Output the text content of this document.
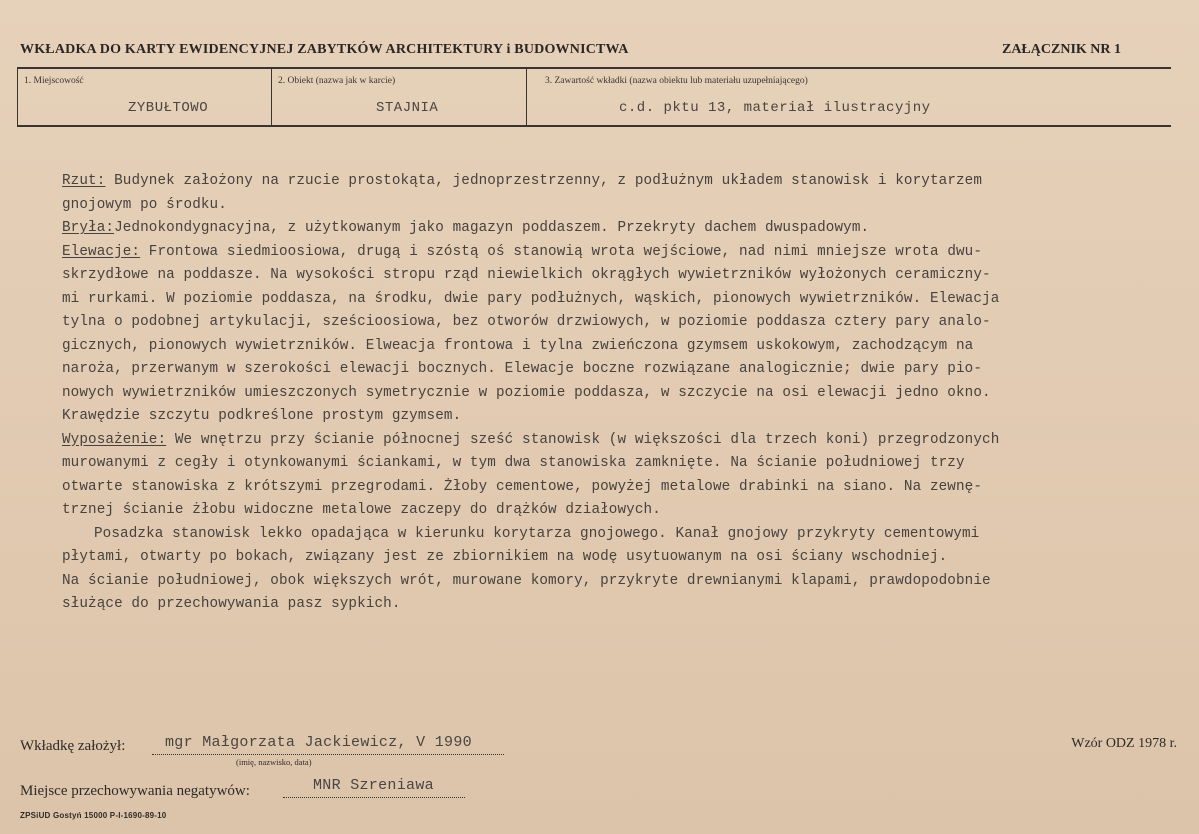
WKŁADKA DO KARTY EWIDENCYJNEJ ZABYTKÓW ARCHITEKTURY i BUDOWNICTWA	ZAŁĄCZNIK NR 1
1. Miejscowość
ZYBUŁTOWO
2. Obiekt (nazwa jak w karcie)
STAJNIA
3. Zawartość wkładki (nazwa obiektu lub materiału uzupełniającego)
c.d. pktu 13, materiał ilustracyjny

Rzut: Budynek założony na rzucie prostokąta, jednoprzestrzenny, z podłużnym układem stanowisk i korytarzem

gnojowym po środku.

Bryła:Jednokondygnacyjna, z użytkowanym jako magazyn poddaszem. Przekryty dachem dwuspadowym.

Elewacje: Frontowa siedmioosiowa, drugą i szóstą oś stanowią wrota wejściowe, nad nimi mniejsze wrota dwu-

skrzydłowe na poddasze. Na wysokości stropu rząd niewielkich okrągłych wywietrzników wyłożonych ceramiczny-

mi rurkami. W poziomie poddasza, na środku, dwie pary podłużnych, wąskich, pionowych wywietrzników. Elewacja

tylna o podobnej artykulacji, sześcioosiowa, bez otworów drzwiowych, w poziomie poddasza cztery pary analo-

gicznych, pionowych wywietrzników. Elweacja frontowa i tylna zwieńczona gzymsem uskokowym, zachodzącym na

naroża, przerwanym w szerokości elewacji bocznych. Elewacje boczne rozwiązane analogicznie; dwie pary pio-

nowych wywietrzników umieszczonych symetrycznie w poziomie poddasza, w szczycie na osi elewacji jedno okno.

Krawędzie szczytu podkreślone prostym gzymsem.

Wyposażenie: We wnętrzu przy ścianie północnej sześć stanowisk (w większości dla trzech koni) przegrodzonych

murowanymi z cegły i otynkowanymi ściankami, w tym dwa stanowiska zamknięte. Na ścianie południowej trzy

otwarte stanowiska z krótszymi przegrodami. Żłoby cementowe, powyżej metalowe drabinki na siano. Na zewnę-

trznej ścianie żłobu widoczne metalowe zaczepy do drążków działowych.

Posadzka stanowisk lekko opadająca w kierunku korytarza gnojowego. Kanał gnojowy przykryty cementowymi

płytami, otwarty po bokach, związany jest ze zbiornikiem na wodę usytuowanym na osi ściany wschodniej.

Na ścianie południowej, obok większych wrót, murowane komory, przykryte drewnianymi klapami, prawdopodobnie

służące do przechowywania pasz sypkich.

Wkładkę założył:	mgr Małgorzata Jackiewicz, V 1990
(imię, nazwisko, data)
Wzór ODZ 1978 r.
Miejsce przechowywania negatywów:	MNR Szreniawa
ZPSiUD Gostyń 15000 P-I-1690-89-10
